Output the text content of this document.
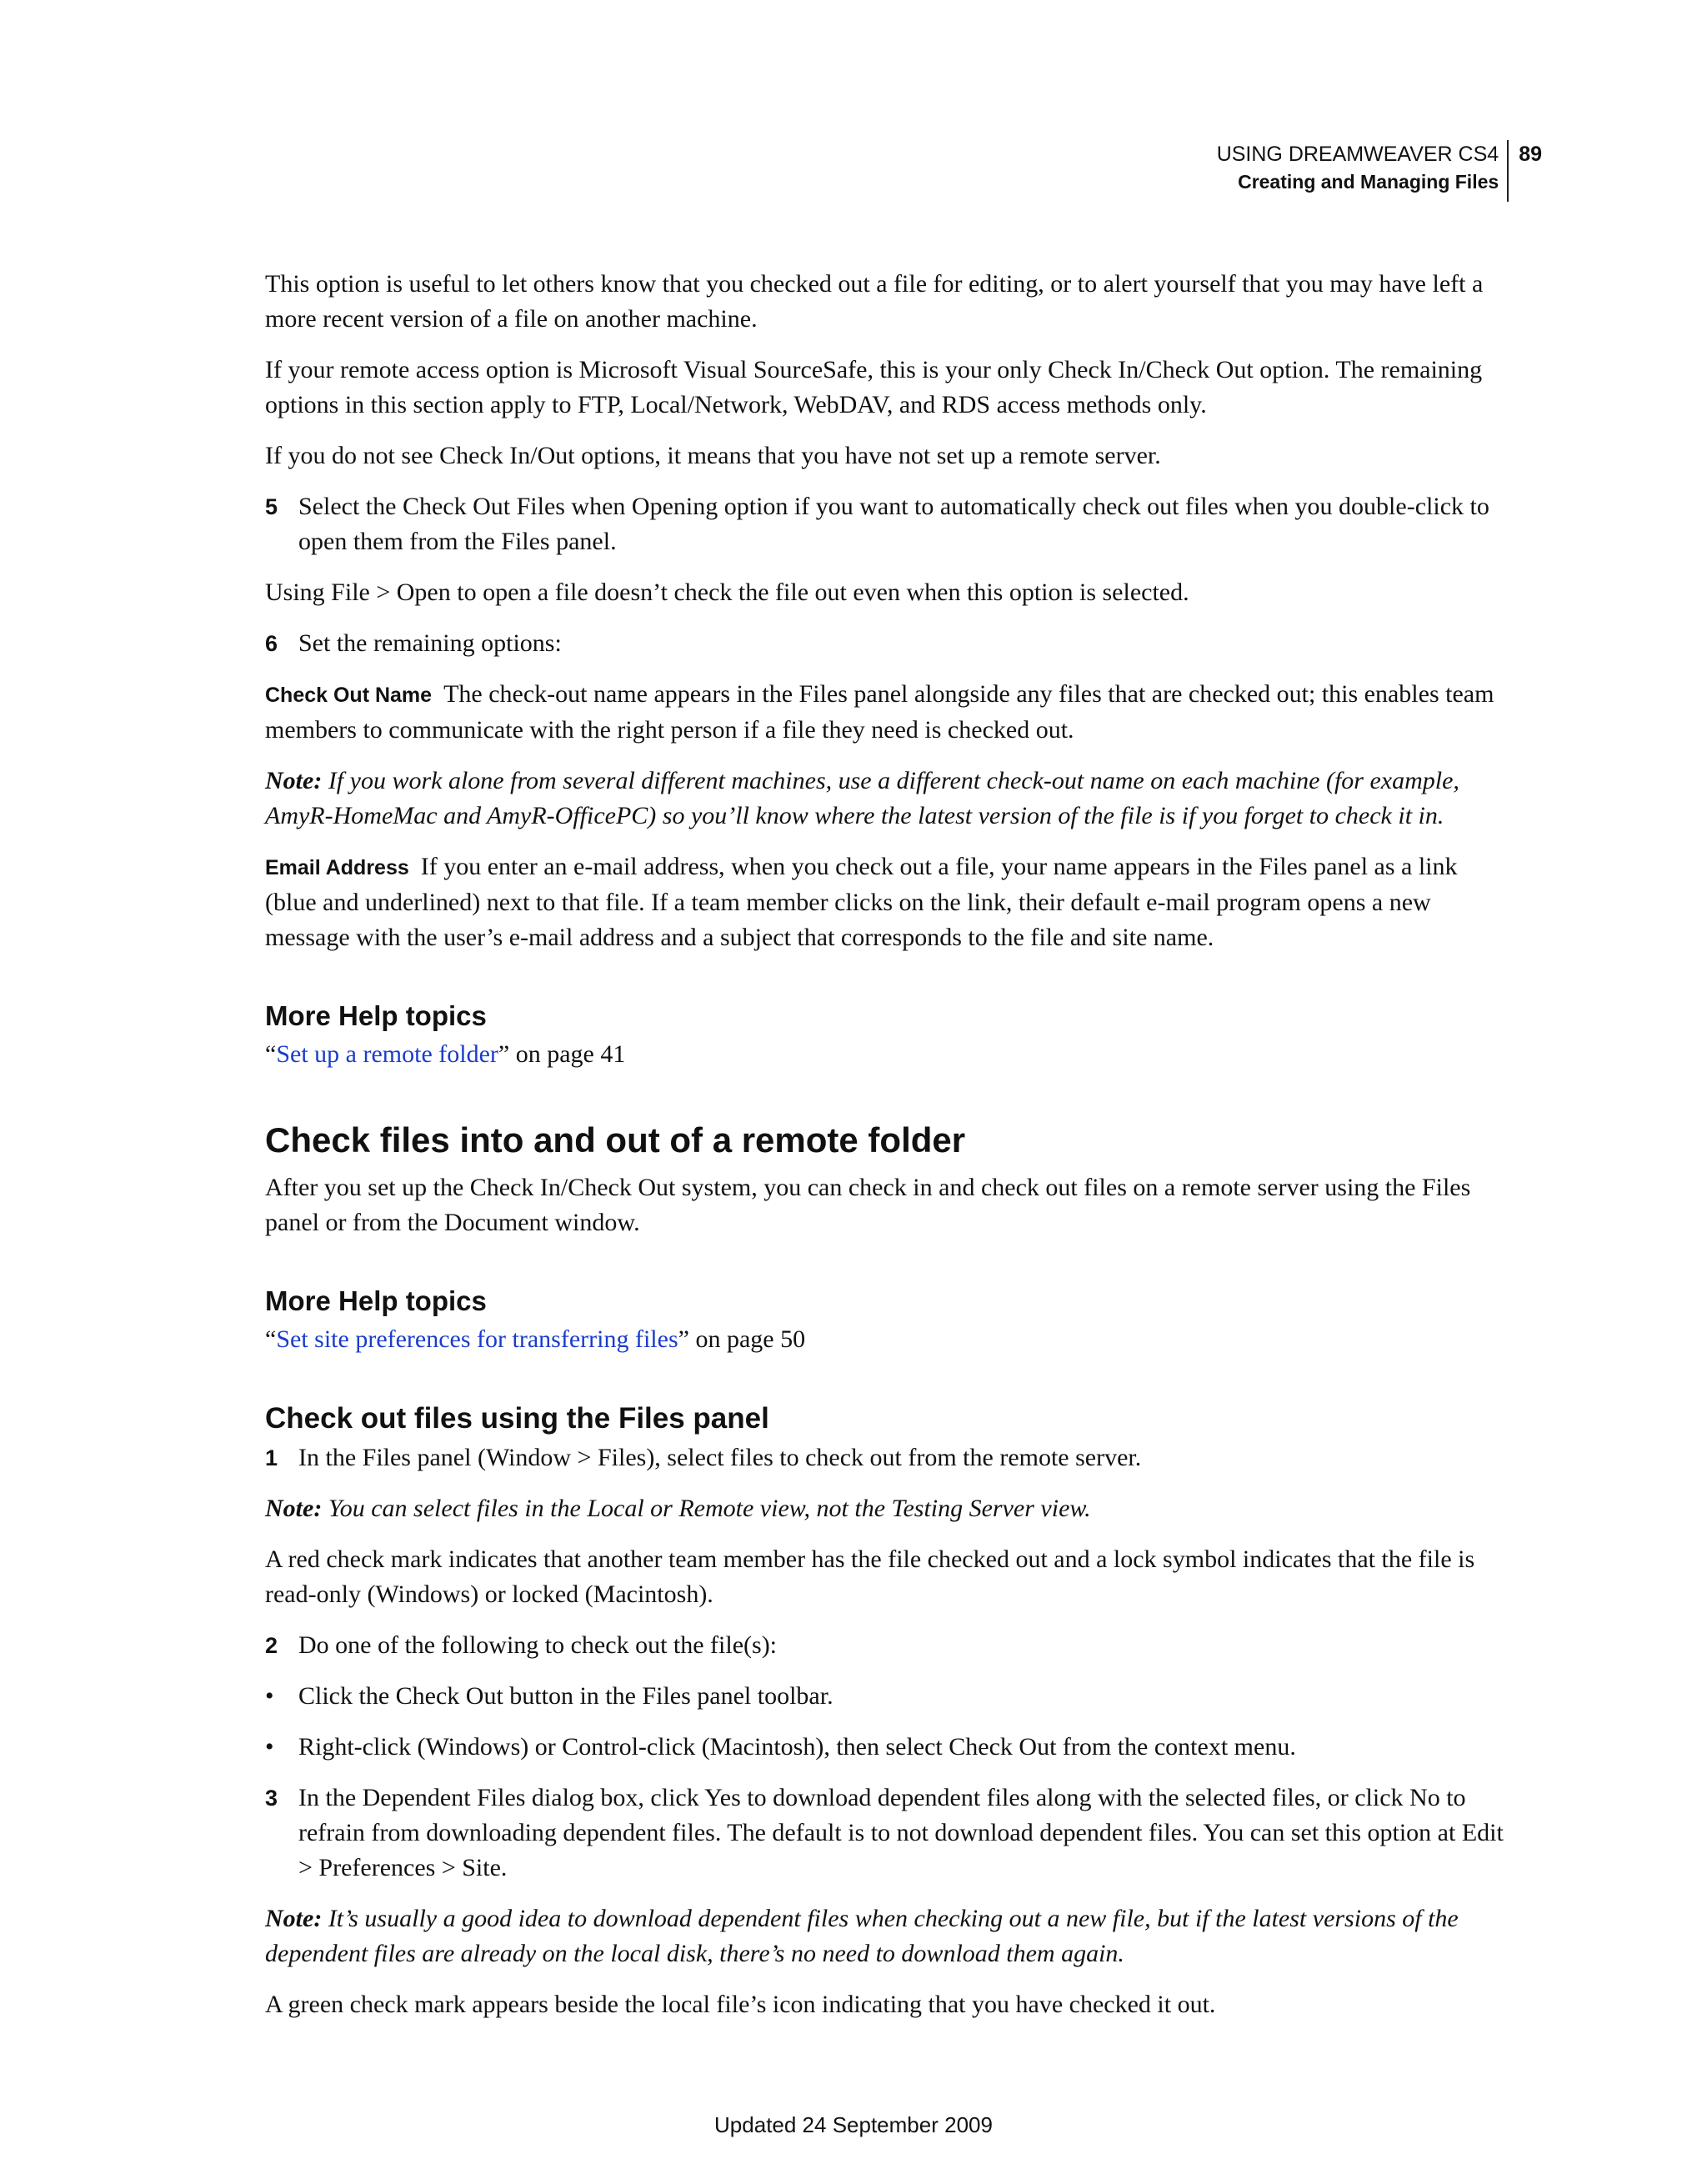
USING DREAMWEAVER CS4
Creating and Managing Files
89

This option is useful to let others know that you checked out a file for editing, or to alert yourself that you may have left a more recent version of a file on another machine.

If your remote access option is Microsoft Visual SourceSafe, this is your only Check In/Check Out option. The remaining options in this section apply to FTP, Local/Network, WebDAV, and RDS access methods only.

If you do not see Check In/Out options, it means that you have not set up a remote server.

5 Select the Check Out Files when Opening option if you want to automatically check out files when you double-click to open them from the Files panel.

Using File > Open to open a file doesn’t check the file out even when this option is selected.

6 Set the remaining options:

Check Out Name The check-out name appears in the Files panel alongside any files that are checked out; this enables team members to communicate with the right person if a file they need is checked out.

Note: If you work alone from several different machines, use a different check-out name on each machine (for example, AmyR-HomeMac and AmyR-OfficePC) so you’ll know where the latest version of the file is if you forget to check it in.

Email Address If you enter an e-mail address, when you check out a file, your name appears in the Files panel as a link (blue and underlined) next to that file. If a team member clicks on the link, their default e-mail program opens a new message with the user’s e-mail address and a subject that corresponds to the file and site name.

More Help topics

“Set up a remote folder” on page 41

Check files into and out of a remote folder

After you set up the Check In/Check Out system, you can check in and check out files on a remote server using the Files panel or from the Document window.

More Help topics

“Set site preferences for transferring files” on page 50

Check out files using the Files panel
1 In the Files panel (Window > Files), select files to check out from the remote server.

Note: You can select files in the Local or Remote view, not the Testing Server view.

A red check mark indicates that another team member has the file checked out and a lock symbol indicates that the file is read-only (Windows) or locked (Macintosh).

2 Do one of the following to check out the file(s):
• Click the Check Out button in the Files panel toolbar.
• Right-click (Windows) or Control-click (Macintosh), then select Check Out from the context menu.
3 In the Dependent Files dialog box, click Yes to download dependent files along with the selected files, or click No to refrain from downloading dependent files. The default is to not download dependent files. You can set this option at Edit > Preferences > Site.

Note: It’s usually a good idea to download dependent files when checking out a new file, but if the latest versions of the dependent files are already on the local disk, there’s no need to download them again.

A green check mark appears beside the local file’s icon indicating that you have checked it out.

Updated 24 September 2009
